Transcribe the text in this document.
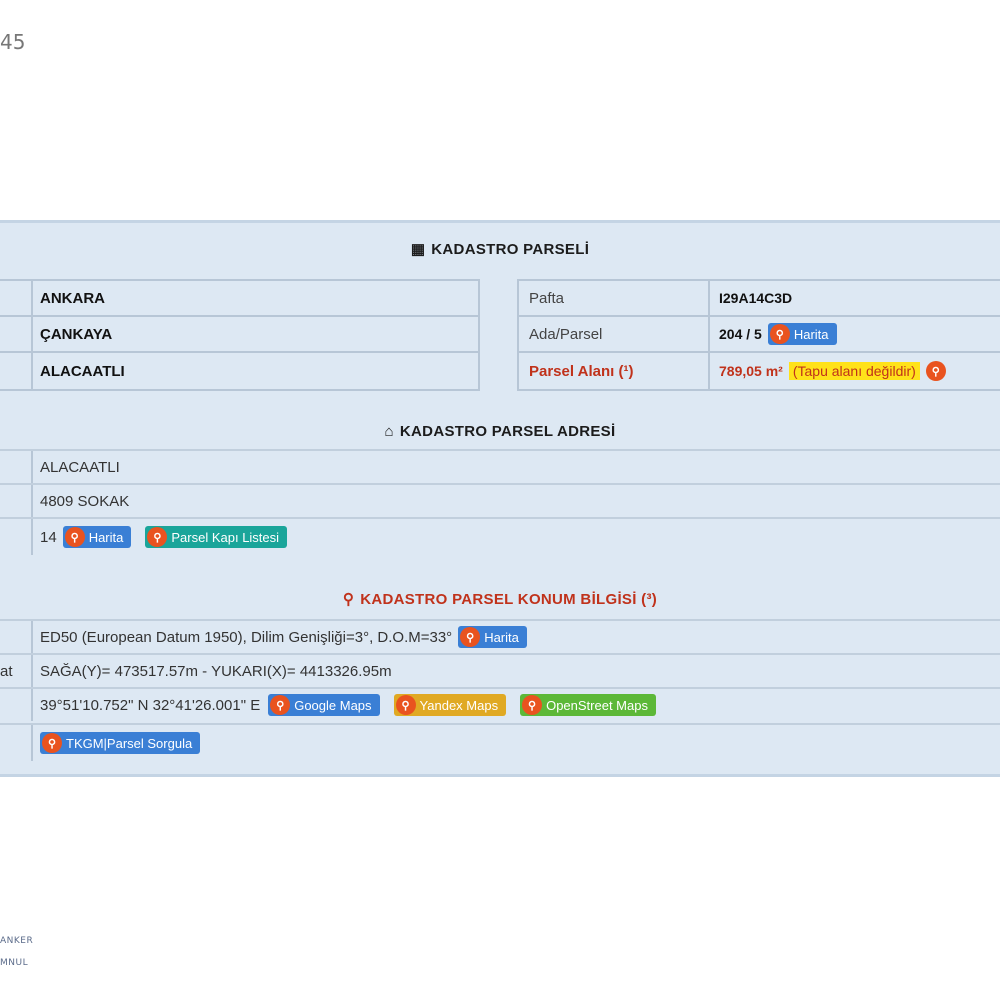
45
▦ KADASTRO PARSELİ
ANKARA
ÇANKAYA
ALACAATLI
Pafta	I29A14C3D
Ada/Parsel	204 / 5	⚲ Harita
Parsel Alanı (¹)	789,05 m² (Tapu alanı değildir)	⚲
⌂ KADASTRO PARSEL ADRESİ
ALACAATLI
4809 SOKAK
14	⚲ Harita	⚲ Parsel Kapı Listesi
⚲ KADASTRO PARSEL KONUM BİLGİSİ (³)
ED50 (European Datum 1950), Dilim Genişliği=3°, D.O.M=33°	⚲ Harita
at	SAĞA(Y)= 473517.57m - YUKARI(X)= 4413326.95m
39°51'10.752" N 32°41'26.001" E	⚲ Google Maps	⚲ Yandex Maps	⚲ OpenStreet Maps
⚲ TKGM|Parsel Sorgula
ANKER
MNUL
